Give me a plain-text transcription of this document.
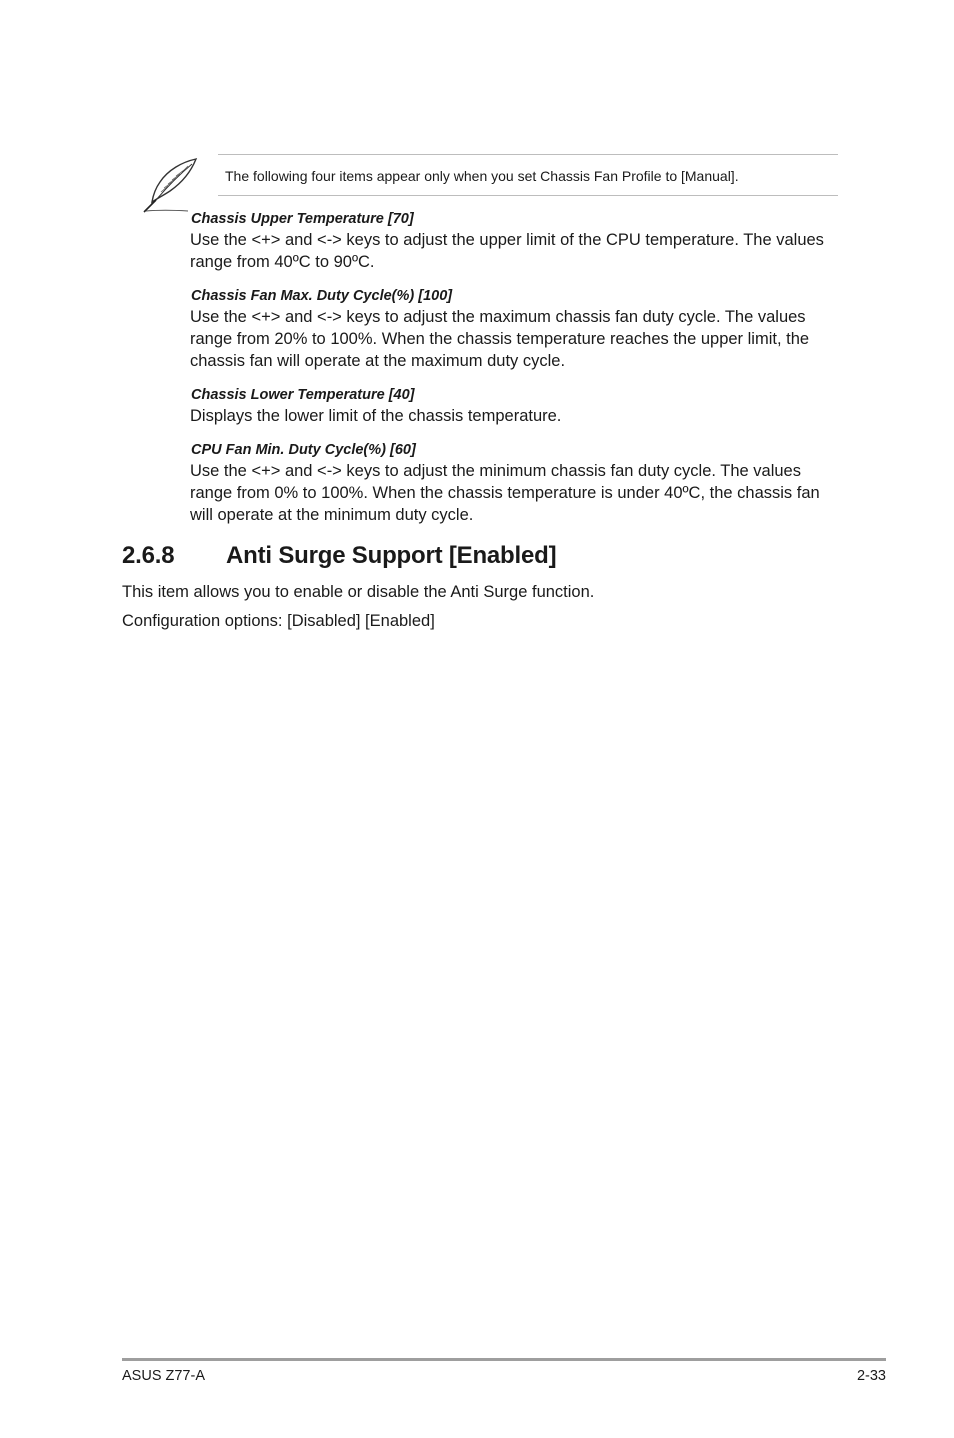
The following four items appear only when you set Chassis Fan Profile to [Manual].
Chassis Upper Temperature [70]
Use the <+> and <-> keys to adjust the upper limit of the CPU temperature. The values range from 40ºC to 90ºC.
Chassis Fan Max. Duty Cycle(%) [100]
Use the <+> and <-> keys to adjust the maximum chassis fan duty cycle. The values range from 20% to 100%. When the chassis temperature reaches the upper limit, the chassis fan will operate at the maximum duty cycle.
Chassis Lower Temperature [40]
Displays the lower limit of the chassis temperature.
CPU Fan Min. Duty Cycle(%) [60]
Use the <+> and <-> keys to adjust the minimum chassis fan duty cycle. The values range from 0% to 100%. When the chassis temperature is under 40ºC, the chassis fan will operate at the minimum duty cycle.
2.6.8 Anti Surge Support [Enabled]
This item allows you to enable or disable the Anti Surge function.
Configuration options: [Disabled] [Enabled]
ASUS Z77-A	2-33
